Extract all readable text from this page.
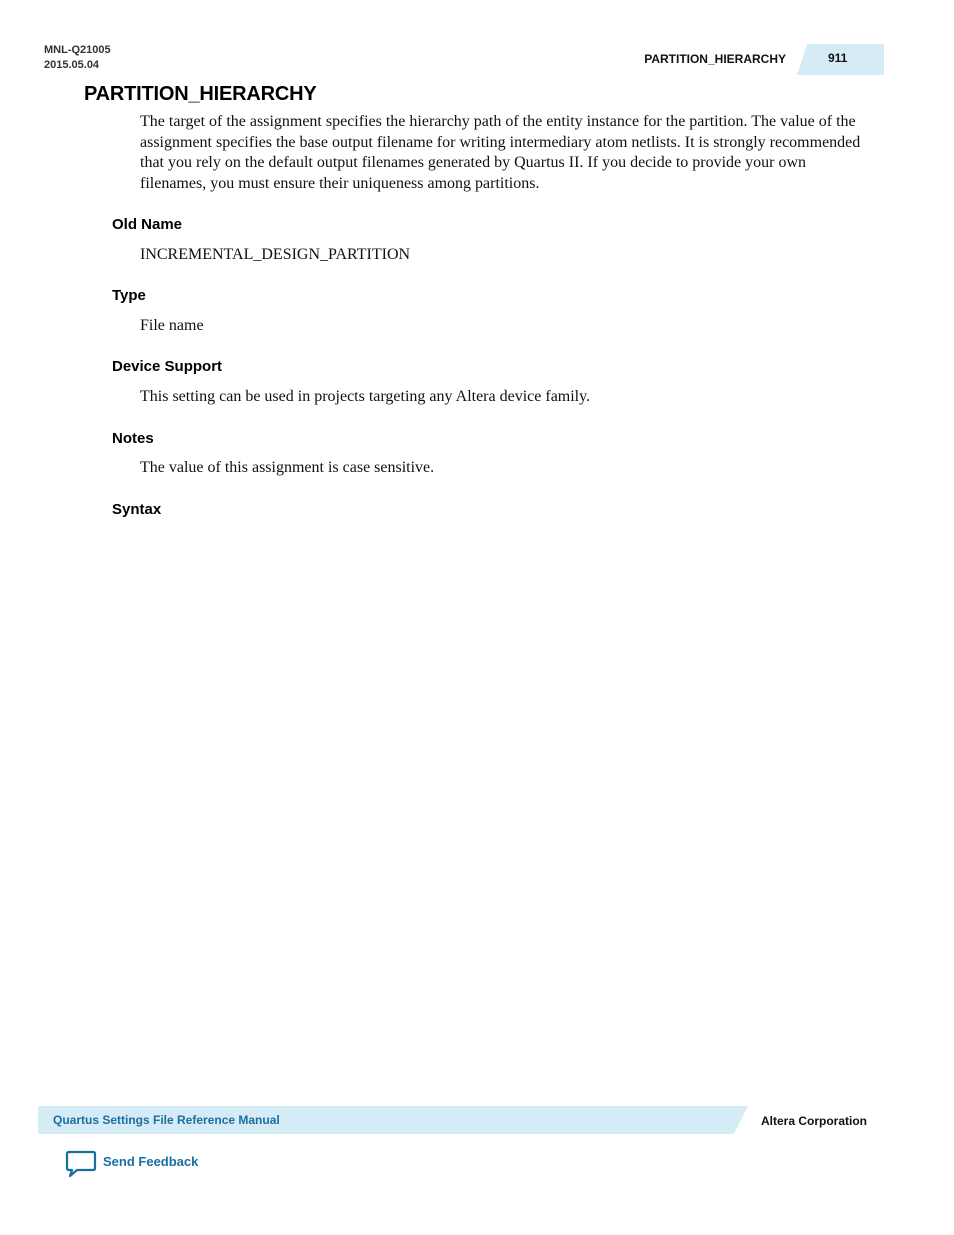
MNL-Q21005
2015.05.04	PARTITION_HIERARCHY	911
PARTITION_HIERARCHY
The target of the assignment specifies the hierarchy path of the entity instance for the partition. The value of the assignment specifies the base output filename for writing intermediary atom netlists. It is strongly recommended that you rely on the default output filenames generated by Quartus II. If you decide to provide your own filenames, you must ensure their uniqueness among partitions.
Old Name
INCREMENTAL_DESIGN_PARTITION
Type
File name
Device Support
This setting can be used in projects targeting any Altera device family.
Notes
The value of this assignment is case sensitive.
Syntax
Quartus Settings File Reference Manual	Altera Corporation
Send Feedback
